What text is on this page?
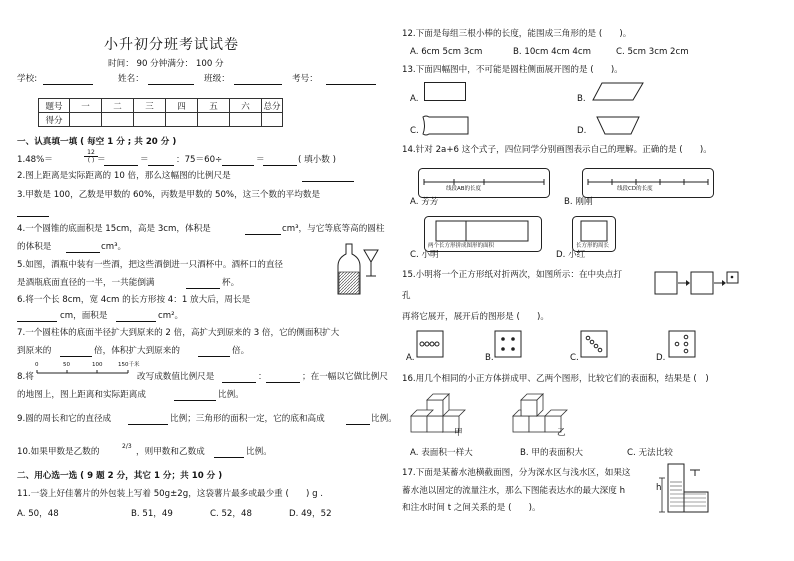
小升初分班考试试卷
时间： 90 分钟满分： 100 分
学校:	姓名：	班级：	考号：
题号	一	二	三	四	五	六	总分
得分							
一、认真填一填 ( 每空 1 分 ; 共 20 分 )
1.48%＝
12
( ) ＝	＝	：75＝60÷	＝	( 填小数 )
2.图上距离是实际距离的 10 倍，那么这幅图的比例尺是
3.甲数是 100，乙数是甲数的 60%，丙数是甲数的 50%，这三个数的平均数是
4.一个圆锥的底面积是 15cm，高是 3cm，体积是	cm³，与它等底等高的圆柱
的体积是	cm³。
5.如图，酒瓶中装有一些酒，把这些酒倒进一只酒杯中。酒杯口的直径
是酒瓶底面直径的一半，一共能倒满	杯。
6.将一个长 8cm，宽 4cm 的长方形按 4：1 放大后，周长是
cm，面积是	cm²。
7.一个圆柱体的底面半径扩大到原来的 2 倍，高扩大到原来的 3 倍，它的侧面积扩大
到原来的	倍，体积扩大到原来的	倍。
8.将
0	50	100	150千米
改写成数值比例尺是	：	；在一幅以它做比例尺
的地图上，图上距离和实际距离成	比例。
9.圆的周长和它的直径成	比例；三角形的面积一定，它的底和高成	比例。
10.如果甲数是乙数的
2/3
，则甲数和乙数成	比例。
二、用心选一选 ( 9 题 2 分，其它 1 分；共 10 分 )
11.一袋上好佳薯片的外包装上写着 50g±2g，这袋薯片最多或最少重 (　　) g .
A. 50，48	B. 51，49	C. 52，48	D. 49，52
12.下面是每组三根小棒的长度，能围成三角形的是 (　　)。
A. 6cm 5cm 3cm	B. 10cm 4cm 4cm	C. 5cm 3cm 2cm
13.下面四幅图中，不可能是圆柱侧面展开图的是 (　　)。
A.	B.
C.	D.
14.针对 2a+6 这个式子，四位同学分别画图表示自己的理解。正确的是 (　　)。
线段AB的长度
A. 芳芳
线段CD的长度
B. 刚刚
两个长方形拼成图形的面积
C. 小明
长方形的周长
D. 小红
15.小明将一个正方形纸对折两次，如图所示：在中央点打
孔
再将它展开，展开后的图形是 (　　)。
A.	B.	C.	D.
16.用几个相同的小正方体拼成甲、乙两个图形，比较它们的表面积，结果是 (　)
甲	乙
A. 表面积一样大	B. 甲的表面积大	C. 无法比较
17.下面是某蓄水池横截面图，分为深水区与浅水区，如果这
蓄水池以固定的流量注水，那么下图能表达水的最大深度 h
和注水时间 t 之间关系的是 (　　)。
h
